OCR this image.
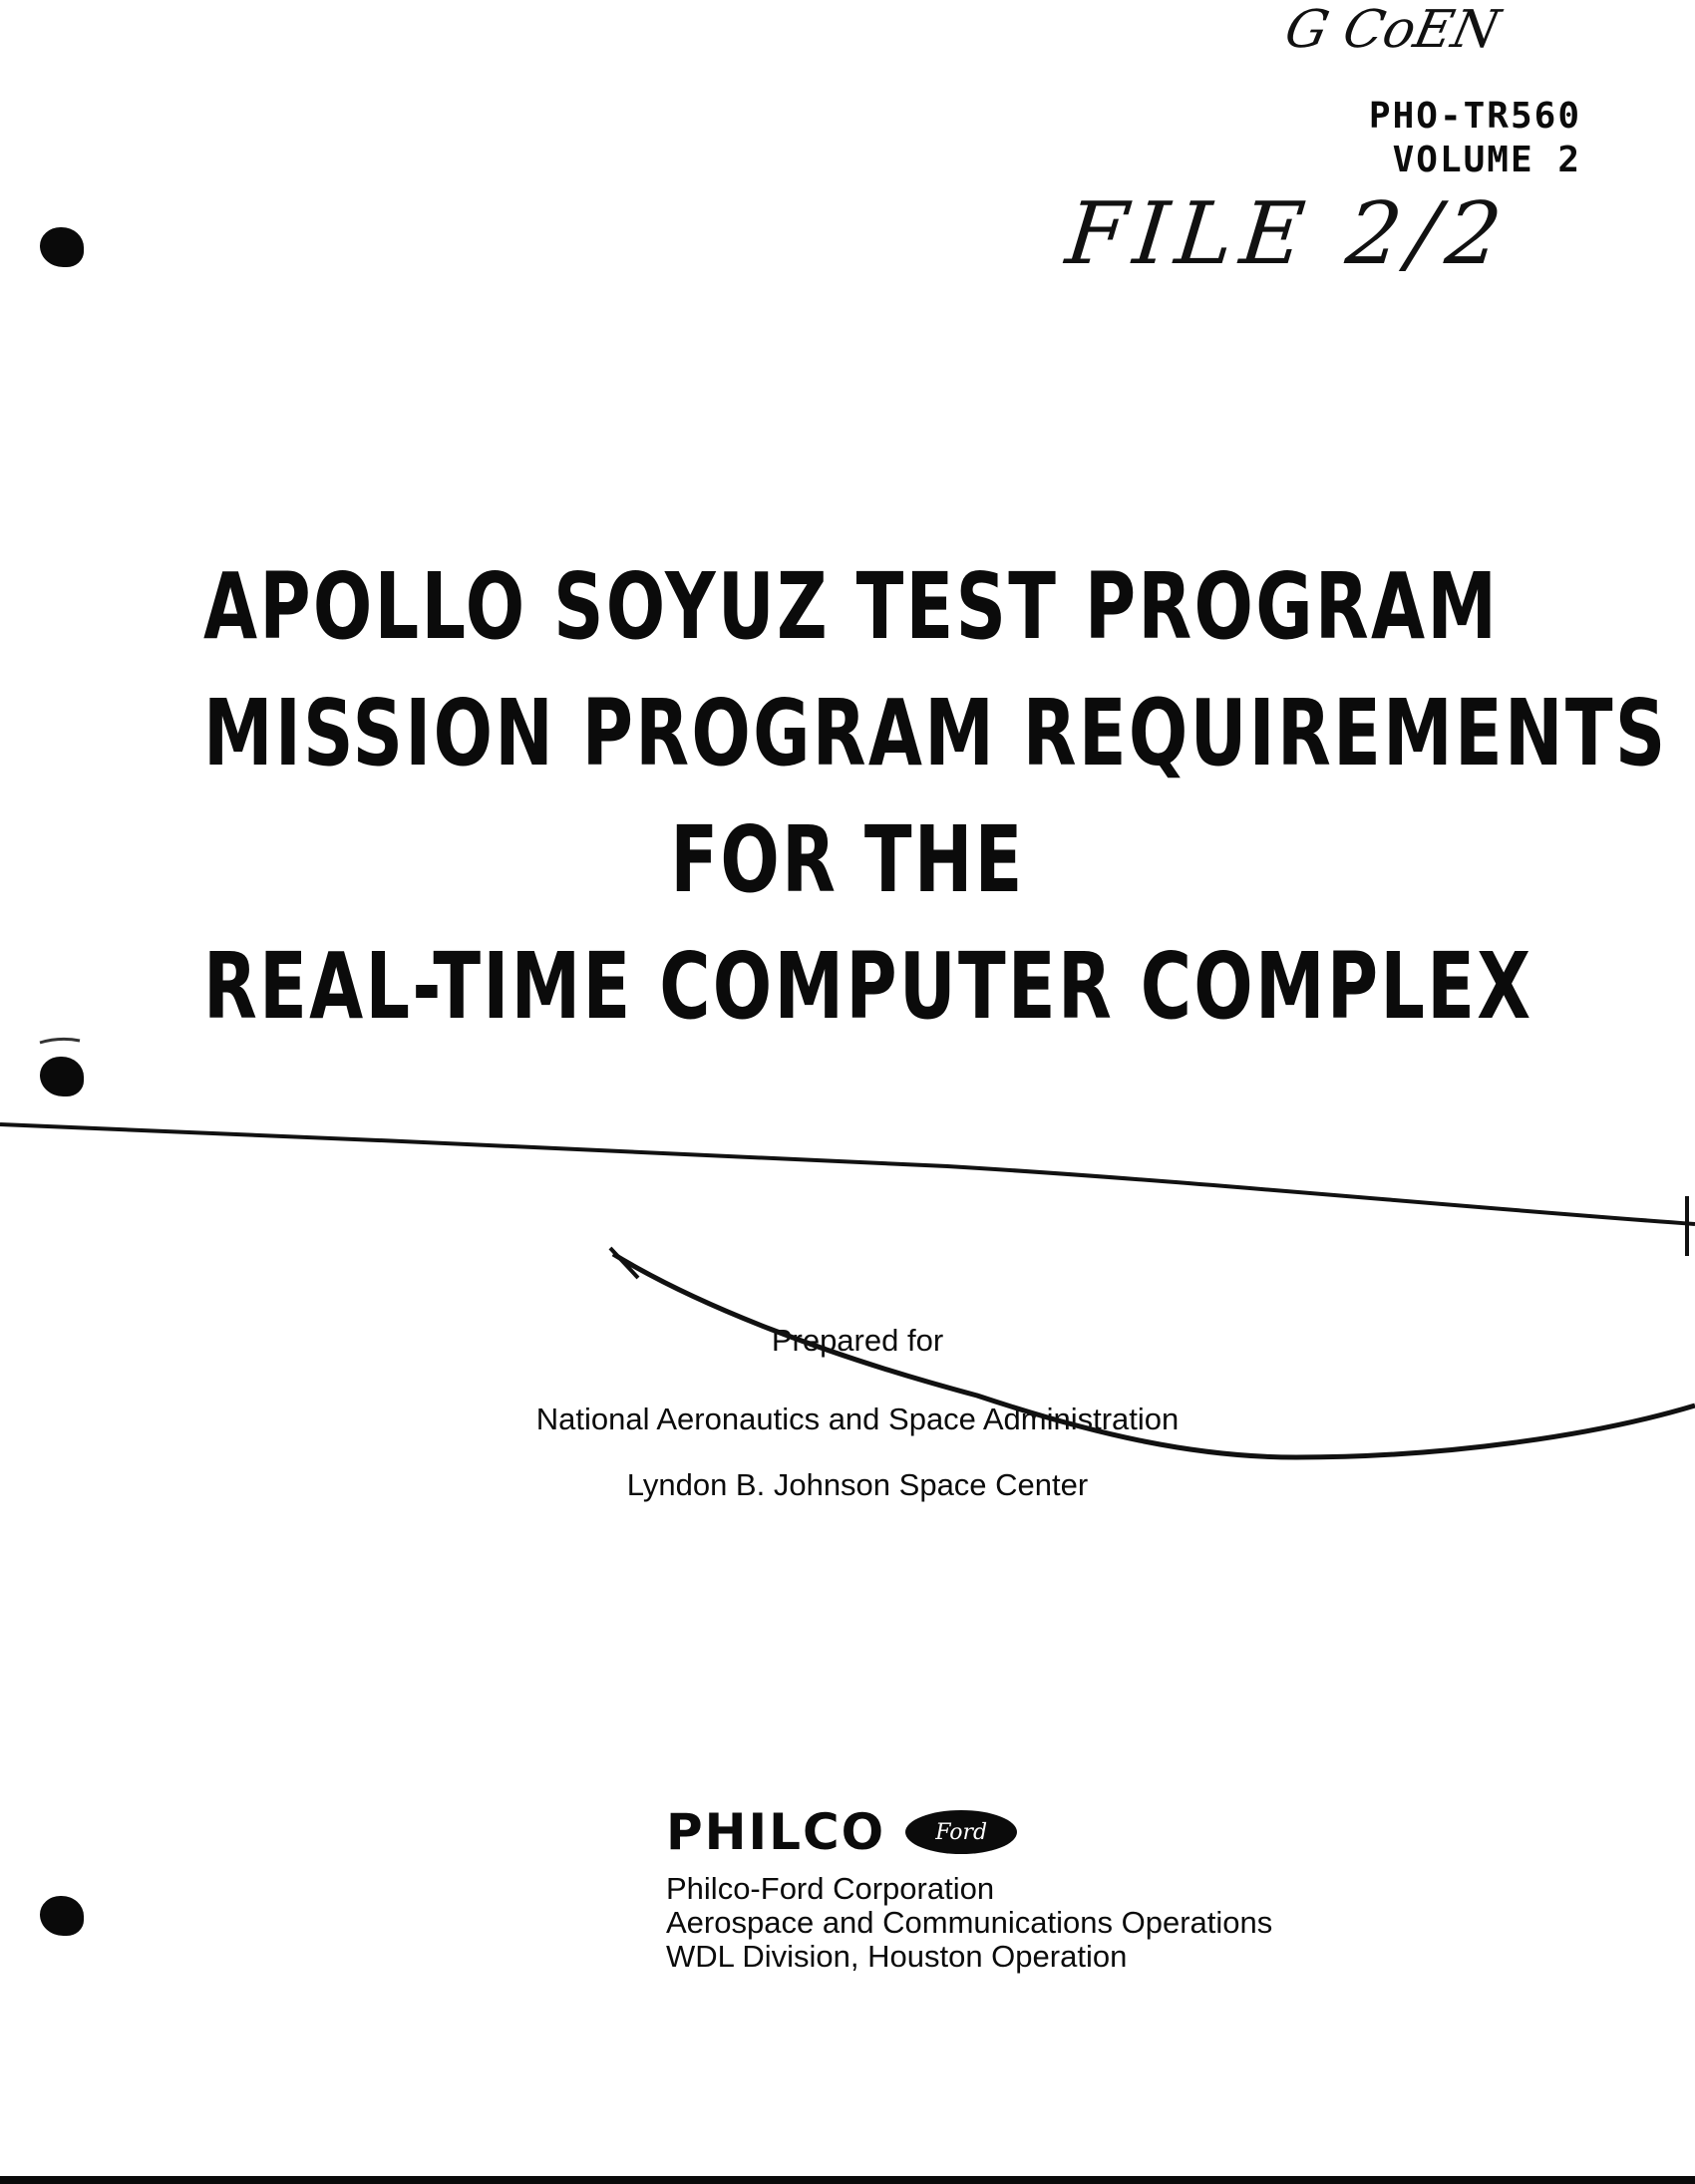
G CoEN
FILE 2/2
PHO-TR560
VOLUME 2
APOLLO SOYUZ TEST PROGRAM
MISSION PROGRAM REQUIREMENTS
FOR THE
REAL-TIME COMPUTER COMPLEX
Prepared for
National Aeronautics and Space Administration
Lyndon B. Johnson Space Center
PHILCO	Ford
Philco-Ford Corporation
Aerospace and Communications Operations
WDL Division, Houston Operation
